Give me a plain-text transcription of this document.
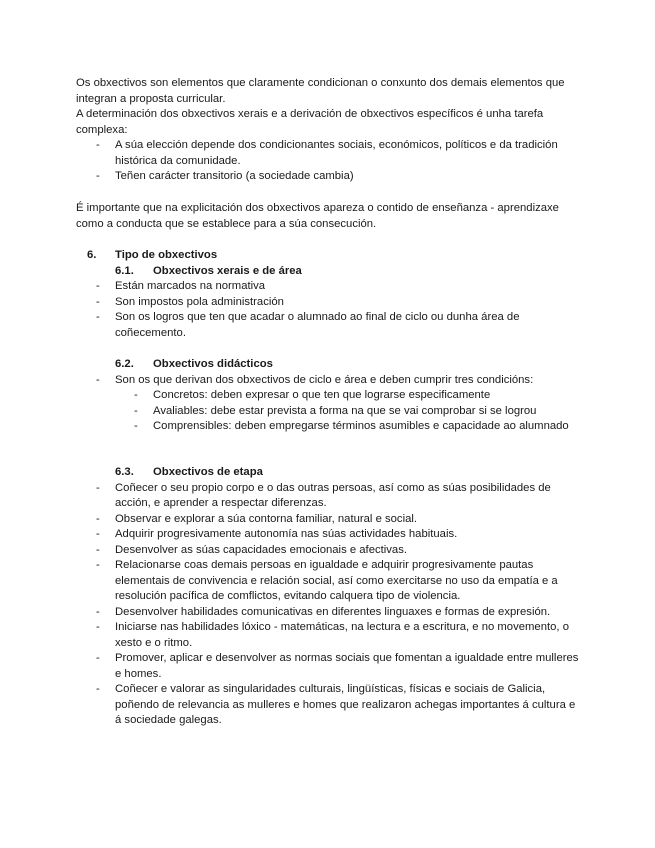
Os obxectivos son elementos que claramente condicionan o conxunto dos demais elementos que integran a proposta curricular.

A determinación dos obxectivos xerais e a derivación de obxectivos específicos é unha tarefa complexa:

- A súa elección depende dos condicionantes sociais, económicos, políticos e da tradición histórica da comunidade.

- Teñen carácter transitorio (a sociedade cambia)

É importante que na explicitación dos obxectivos apareza o contido de enseñanza - aprendizaxe como a conducta que se establece para a súa consecución.

6. Tipo de obxectivos

6.1. Obxectivos xerais e de área

- Están marcados na normativa

- Son impostos pola administración

- Son os logros que ten que acadar o alumnado ao final de ciclo ou dunha área de coñecemento.

6.2. Obxectivos didácticos

- Son os que derivan dos obxectivos de ciclo e área e deben cumprir tres condicións:

- Concretos: deben expresar o que ten que lograrse especificamente

- Avaliables: debe estar prevista a forma na que se vai comprobar si se logrou

- Comprensibles: deben empregarse términos asumibles e capacidade ao alumnado

6.3. Obxectivos de etapa

- Coñecer o seu propio corpo e o das outras persoas, así como as súas posibilidades de acción, e aprender a respectar diferenzas.

- Observar e explorar a súa contorna familiar, natural e social.

- Adquirir progresivamente autonomía nas súas actividades habituais.

- Desenvolver as súas capacidades emocionais e afectivas.

- Relacionarse coas demais persoas en igualdade e adquirir progresivamente pautas elementais de convivencia e relación social, así como exercitarse no uso da empatía e a resolución pacífica de comflictos, evitando calquera tipo de violencia.

- Desenvolver habilidades comunicativas en diferentes linguaxes e formas de expresión.

- Iniciarse nas habilidades lóxico - matemáticas, na lectura e a escritura, e no movemento, o xesto e o ritmo.

- Promover, aplicar e desenvolver as normas sociais que fomentan a igualdade entre mulleres e homes.

- Coñecer e valorar as singularidades culturais, lingüísticas, físicas e sociais de Galicia, poñendo de relevancia as mulleres e homes que realizaron achegas importantes á cultura e á sociedade galegas.
